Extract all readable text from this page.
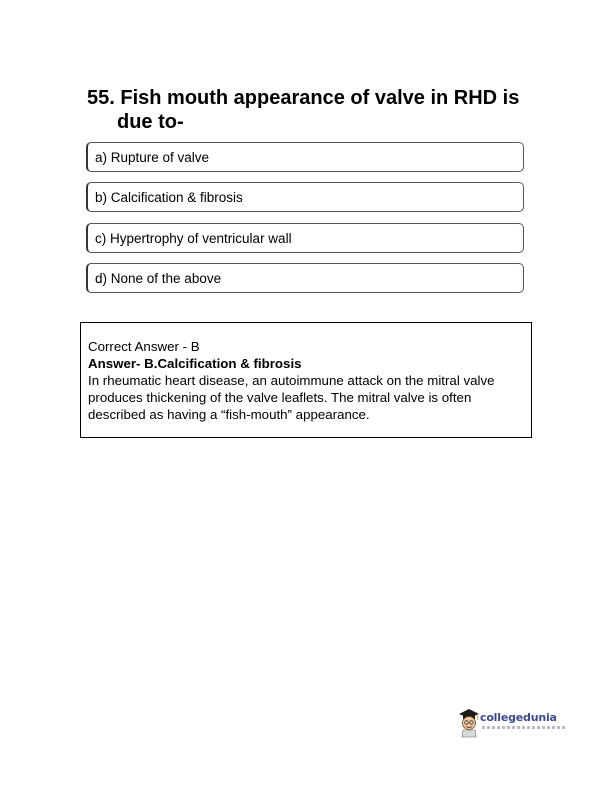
55. Fish mouth appearance of valve in RHD is
due to-
a) Rupture of valve
b) Calcification & fibrosis
c) Hypertrophy of ventricular wall
d) None of the above
Correct Answer - B
Answer- B.Calcification & fibrosis
In rheumatic heart disease, an autoimmune attack on the mitral valve produces thickening of the valve leaflets. The mitral valve is often described as having a “fish-mouth” appearance.
collegedunia
